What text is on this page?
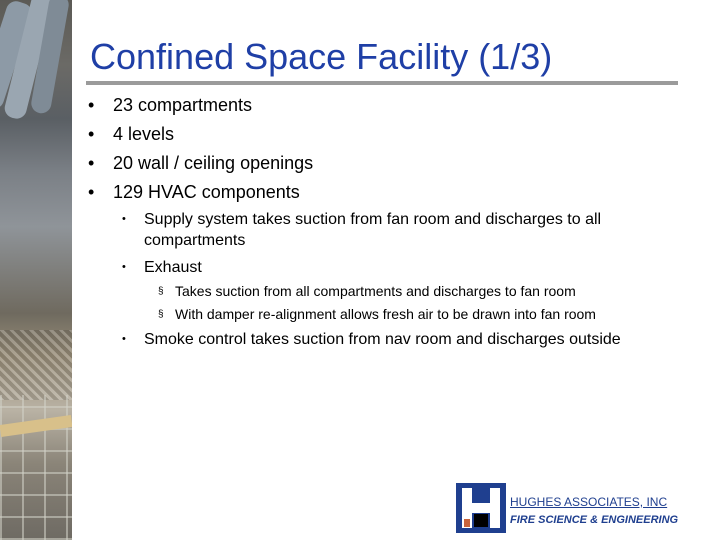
Confined Space Facility (1/3)
• 23 compartments
• 4 levels
• 20 wall / ceiling openings
• 129 HVAC components
• Supply system takes suction from fan room and discharges to all compartments
• Exhaust
§ Takes suction from all compartments and discharges to fan room
§ With damper re-alignment allows fresh air to be drawn into fan room
• Smoke control takes suction from nav room and discharges outside
HUGHES ASSOCIATES, INC
FIRE SCIENCE & ENGINEERING
